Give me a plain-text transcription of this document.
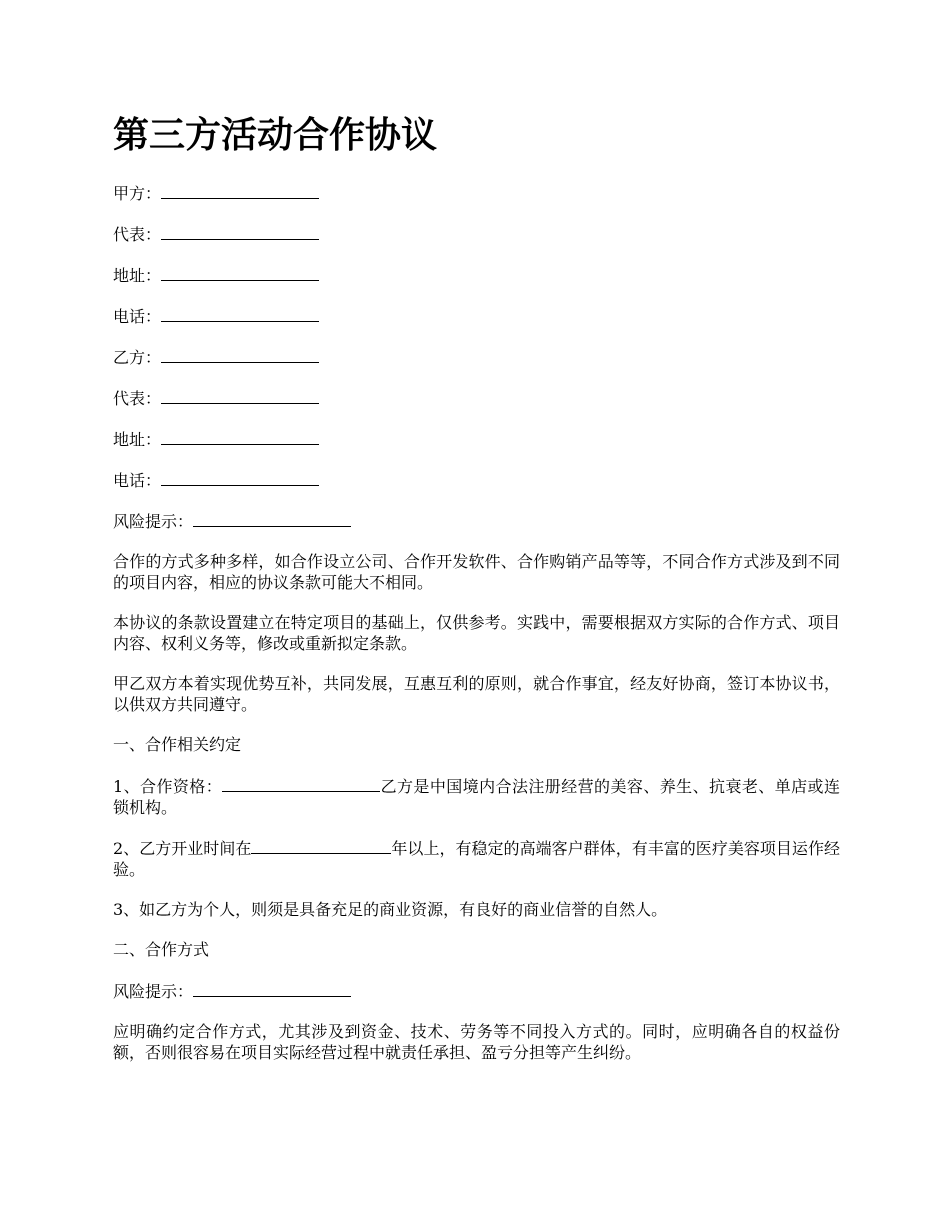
第三方活动合作协议
甲方：
代表：
地址：
电话：
乙方：
代表：
地址：
电话：
风险提示：

合作的方式多种多样，如合作设立公司、合作开发软件、合作购销产品等等，不同合作方式涉及到不同的项目内容，相应的协议条款可能大不相同。

本协议的条款设置建立在特定项目的基础上，仅供参考。实践中，需要根据双方实际的合作方式、项目内容、权利义务等，修改或重新拟定条款。

甲乙双方本着实现优势互补，共同发展，互惠互利的原则，就合作事宜，经友好协商，签订本协议书，以供双方共同遵守。

一、合作相关约定

1、合作资格：	乙方是中国境内合法注册经营的美容、养生、抗衰老、单店或连锁机构。

2、乙方开业时间在	年以上，有稳定的高端客户群体，有丰富的医疗美容项目运作经验。

3、如乙方为个人，则须是具备充足的商业资源，有良好的商业信誉的自然人。

二、合作方式
风险提示：

应明确约定合作方式，尤其涉及到资金、技术、劳务等不同投入方式的。同时，应明确各自的权益份额，否则很容易在项目实际经营过程中就责任承担、盈亏分担等产生纠纷。
